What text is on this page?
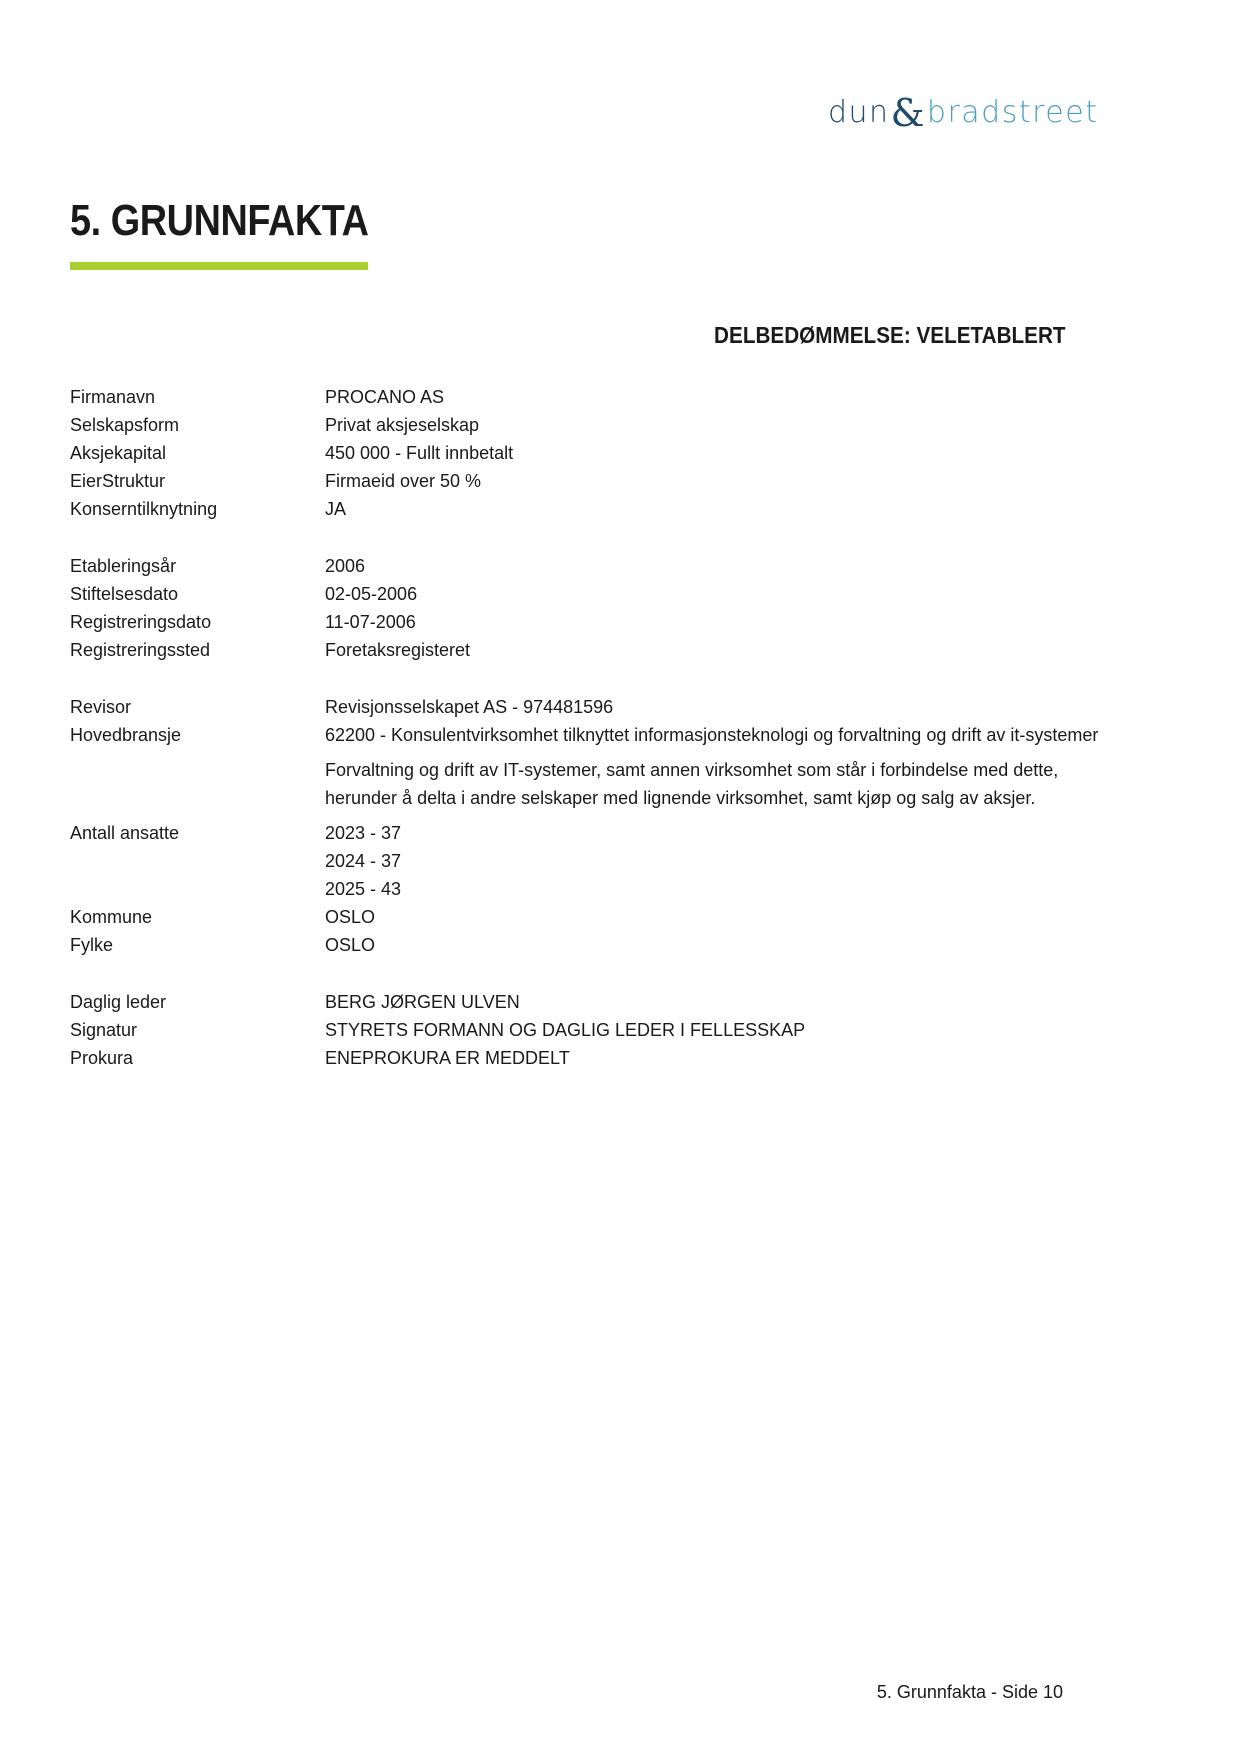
dun & bradstreet
5. GRUNNFAKTA
DELBEDØMMELSE: VELETABLERT
Firmanavn	PROCANO AS
Selskapsform	Privat aksjeselskap
Aksjekapital	450 000 - Fullt innbetalt
EierStruktur	Firmaeid over 50 %
Konserntilknytning	JA
Etableringsår	2006
Stiftelsesdato	02-05-2006
Registreringsdato	11-07-2006
Registreringssted	Foretaksregisteret
Revisor	Revisjonsselskapet AS - 974481596
Hovedbransje	62200 - Konsulentvirksomhet tilknyttet informasjonsteknologi og forvaltning og drift av it-systemer
Forvaltning og drift av IT-systemer, samt annen virksomhet som står i forbindelse med dette, herunder å delta i andre selskaper med lignende virksomhet, samt kjøp og salg av aksjer.
Antall ansatte	2023 - 37
2024 - 37
2025 - 43
Kommune	OSLO
Fylke	OSLO
Daglig leder	BERG JØRGEN ULVEN
Signatur	STYRETS FORMANN OG DAGLIG LEDER I FELLESSKAP
Prokura	ENEPROKURA ER MEDDELT
5. Grunnfakta - Side 10
